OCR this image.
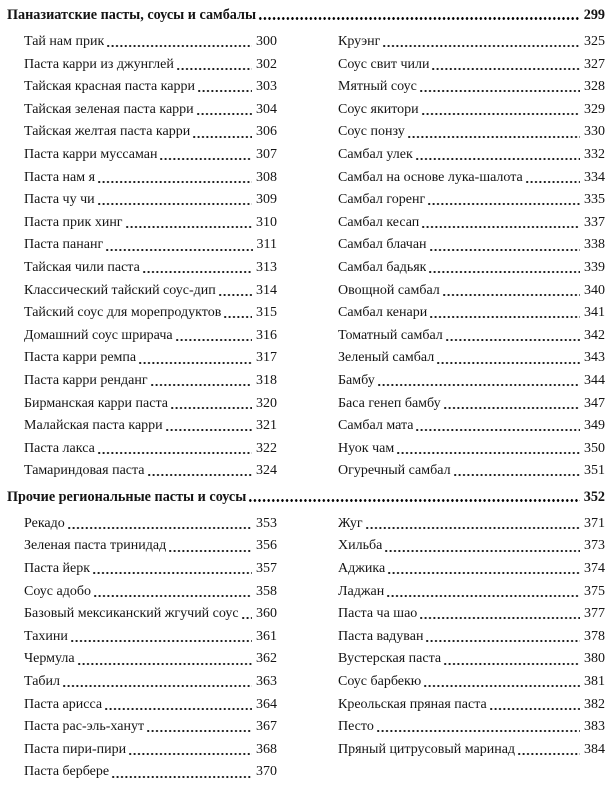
Паназиатские пасты, соусы и самбалы	299
Тай нам прик	300
Паста карри из джунглей	302
Тайская красная паста карри	303
Тайская зеленая паста карри	304
Тайская желтая паста карри	306
Паста карри муссаман	307
Паста нам я	308
Паста чу чи	309
Паста прик хинг	310
Паста пананг	311
Тайская чили паста	313
Классический тайский соус-дип	314
Тайский соус для морепродуктов 315
Домашний соус шрирача	316
Паста карри ремпа	317
Паста карри ренданг	318
Бирманская карри паста	320
Малайская паста карри	321
Паста лакса	322
Тамариндовая паста	324
Круэнг	325
Соус свит чили	327
Мятный соус	328
Соус якитори	329
Соус понзу	330
Самбал улек	332
Самбал на основе лука-шалота	334
Самбал горенг	335
Самбал кесап	337
Самбал блачан	338
Самбал бадьяк	339
Овощной самбал	340
Самбал кенари	341
Томатный самбал	342
Зеленый самбал	343
Бамбу	344
Баса генеп бамбу	347
Самбал мата	349
Нуок чам	350
Огуречный самбал	351
Прочие региональные пасты и соусы	352
Рекадо	353
Зеленая паста тринидад	356
Паста йерк	357
Соус адобо	358
Базовый мексиканский жгучий соус 360
Тахини	361
Чермула	362
Табил	363
Паста арисса	364
Паста рас-эль-ханут	367
Паста пири-пири	368
Паста бербере	370
Жуг	371
Хильба	373
Аджика	374
Ладжан	375
Паста ча шао	377
Паста вадуван	378
Вустерская паста	380
Соус барбекю	381
Креольская пряная паста	382
Песто	383
Пряный цитрусовый маринад	384
